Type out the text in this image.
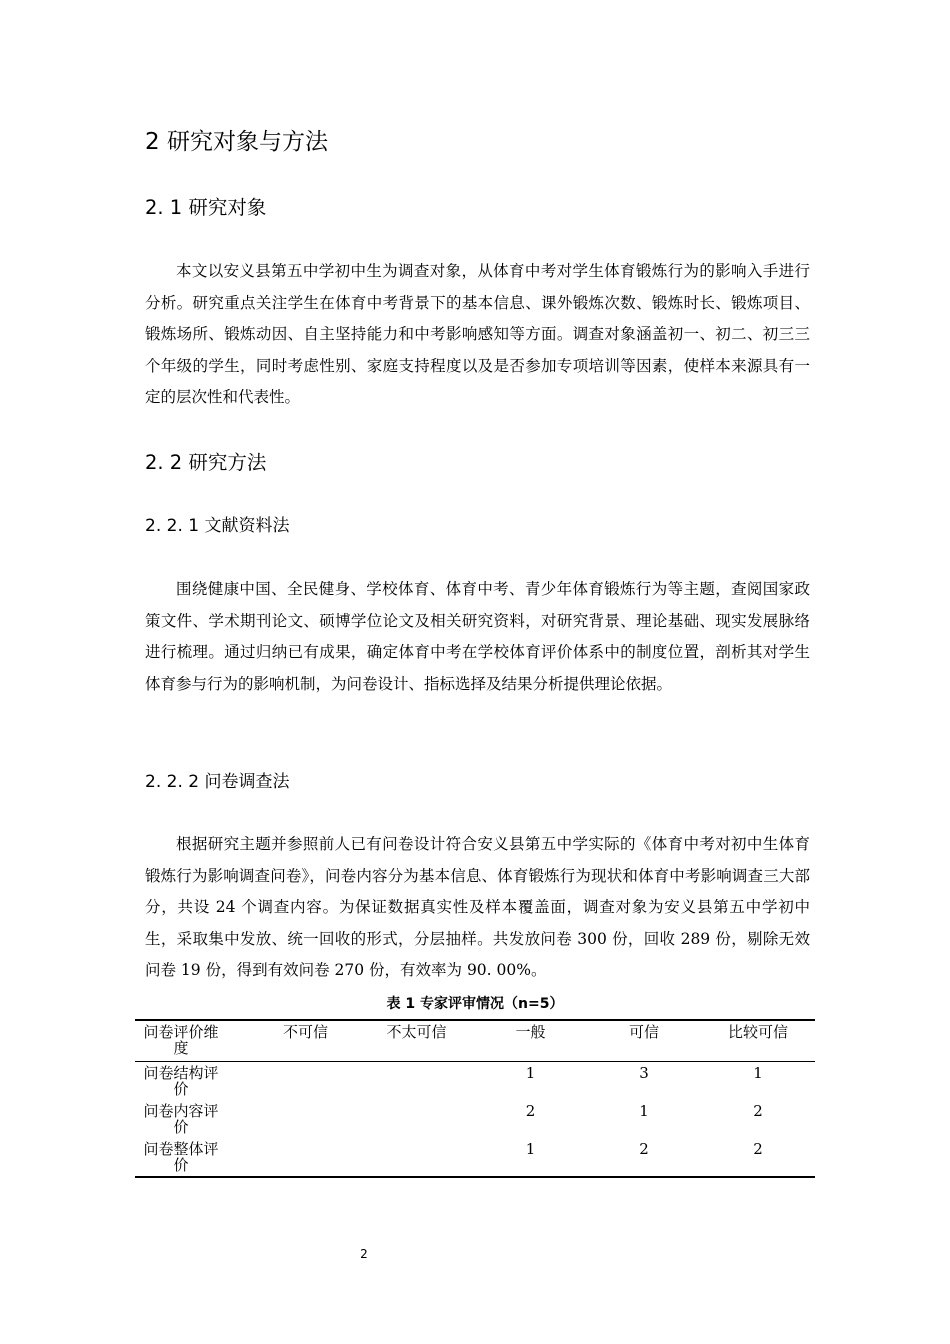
2 研究对象与方法
2. 1 研究对象

本文以安义县第五中学初中生为调查对象，从体育中考对学生体育锻炼行为的影响入手进行分析。研究重点关注学生在体育中考背景下的基本信息、课外锻炼次数、锻炼时长、锻炼项目、锻炼场所、锻炼动因、自主坚持能力和中考影响感知等方面。调查对象涵盖初一、初二、初三三个年级的学生，同时考虑性别、家庭支持程度以及是否参加专项培训等因素，使样本来源具有一定的层次性和代表性。

2. 2 研究方法
2. 2. 1 文献资料法

围绕健康中国、全民健身、学校体育、体育中考、青少年体育锻炼行为等主题，查阅国家政策文件、学术期刊论文、硕博学位论文及相关研究资料，对研究背景、理论基础、现实发展脉络进行梳理。通过归纳已有成果，确定体育中考在学校体育评价体系中的制度位置，剖析其对学生体育参与行为的影响机制，为问卷设计、指标选择及结果分析提供理论依据。

2. 2. 2 问卷调查法

根据研究主题并参照前人已有问卷设计符合安义县第五中学实际的《体育中考对初中生体育锻炼行为影响调查问卷》，问卷内容分为基本信息、体育锻炼行为现状和体育中考影响调查三大部分，共设 24 个调查内容。为保证数据真实性及样本覆盖面，调查对象为安义县第五中学初中生，采取集中发放、统一回收的形式，分层抽样。共发放问卷 300 份，回收 289 份，剔除无效问卷 19 份，得到有效问卷 270 份，有效率为 90. 00%。

表 1 专家评审情况（n=5）
问卷评价维度	不可信	不太可信	一般	可信	比较可信

问卷结构评价			1	3	1

问卷内容评价			2	1	2

问卷整体评价			1	2	2
2
